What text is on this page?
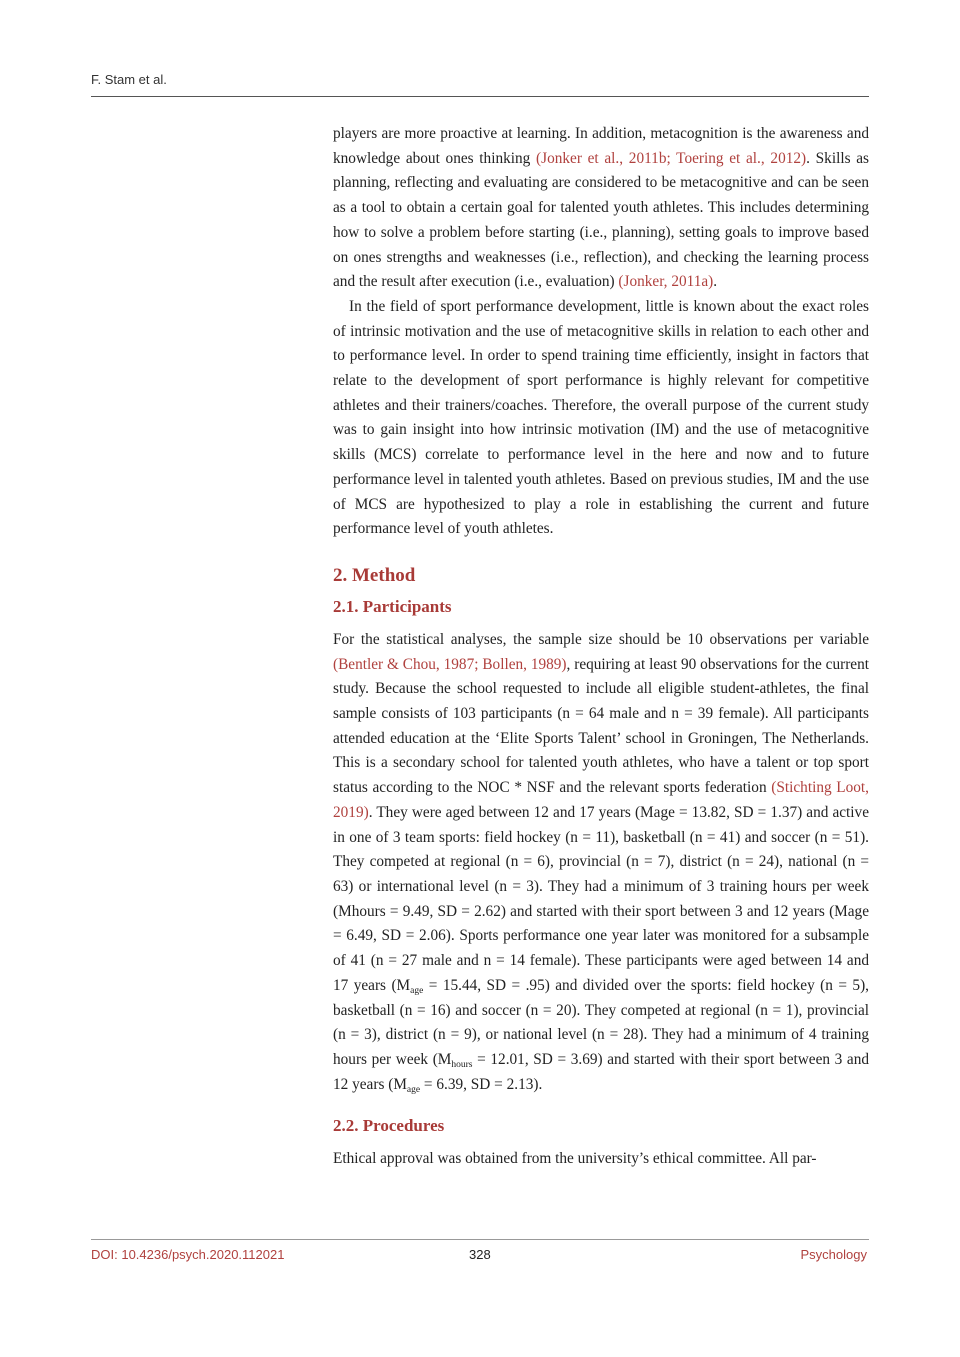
F. Stam et al.

players are more proactive at learning. In addition, metacognition is the awareness and knowledge about ones thinking (Jonker et al., 2011b; Toering et al., 2012). Skills as planning, reflecting and evaluating are considered to be metacognitive and can be seen as a tool to obtain a certain goal for talented youth athletes. This includes determining how to solve a problem before starting (i.e., planning), setting goals to improve based on ones strengths and weaknesses (i.e., reflection), and checking the learning process and the result after execution (i.e., evaluation) (Jonker, 2011a).

In the field of sport performance development, little is known about the exact roles of intrinsic motivation and the use of metacognitive skills in relation to each other and to performance level. In order to spend training time efficiently, insight in factors that relate to the development of sport performance is highly relevant for competitive athletes and their trainers/coaches. Therefore, the overall purpose of the current study was to gain insight into how intrinsic motivation (IM) and the use of metacognitive skills (MCS) correlate to performance level in the here and now and to future performance level in talented youth athletes. Based on previous studies, IM and the use of MCS are hypothesized to play a role in establishing the current and future performance level of youth athletes.

2. Method
2.1. Participants

For the statistical analyses, the sample size should be 10 observations per variable (Bentler & Chou, 1987; Bollen, 1989), requiring at least 90 observations for the current study. Because the school requested to include all eligible student-athletes, the final sample consists of 103 participants (n = 64 male and n = 39 female). All participants attended education at the ‘Elite Sports Talent’ school in Groningen, The Netherlands. This is a secondary school for talented youth athletes, who have a talent or top sport status according to the NOC * NSF and the relevant sports federation (Stichting Loot, 2019). They were aged between 12 and 17 years (Mage = 13.82, SD = 1.37) and active in one of 3 team sports: field hockey (n = 11), basketball (n = 41) and soccer (n = 51). They competed at regional (n = 6), provincial (n = 7), district (n = 24), national (n = 63) or international level (n = 3). They had a minimum of 3 training hours per week (Mhours = 9.49, SD = 2.62) and started with their sport between 3 and 12 years (Mage = 6.49, SD = 2.06). Sports performance one year later was monitored for a subsample of 41 (n = 27 male and n = 14 female). These participants were aged between 14 and 17 years ($M_{age} = 15.44$, SD = .95) and divided over the sports: field hockey (n = 5), basketball (n = 16) and soccer (n = 20). They competed at regional (n = 1), provincial (n = 3), district (n = 9), or national level (n = 28). They had a minimum of 4 training hours per week ($M_{hours} = 12.01$, SD = 3.69) and started with their sport between 3 and 12 years ($M_{age} = 6.39$, SD = 2.13).

2.2. Procedures

Ethical approval was obtained from the university’s ethical committee. All par-

DOI: 10.4236/psych.2020.112021	328	Psychology
